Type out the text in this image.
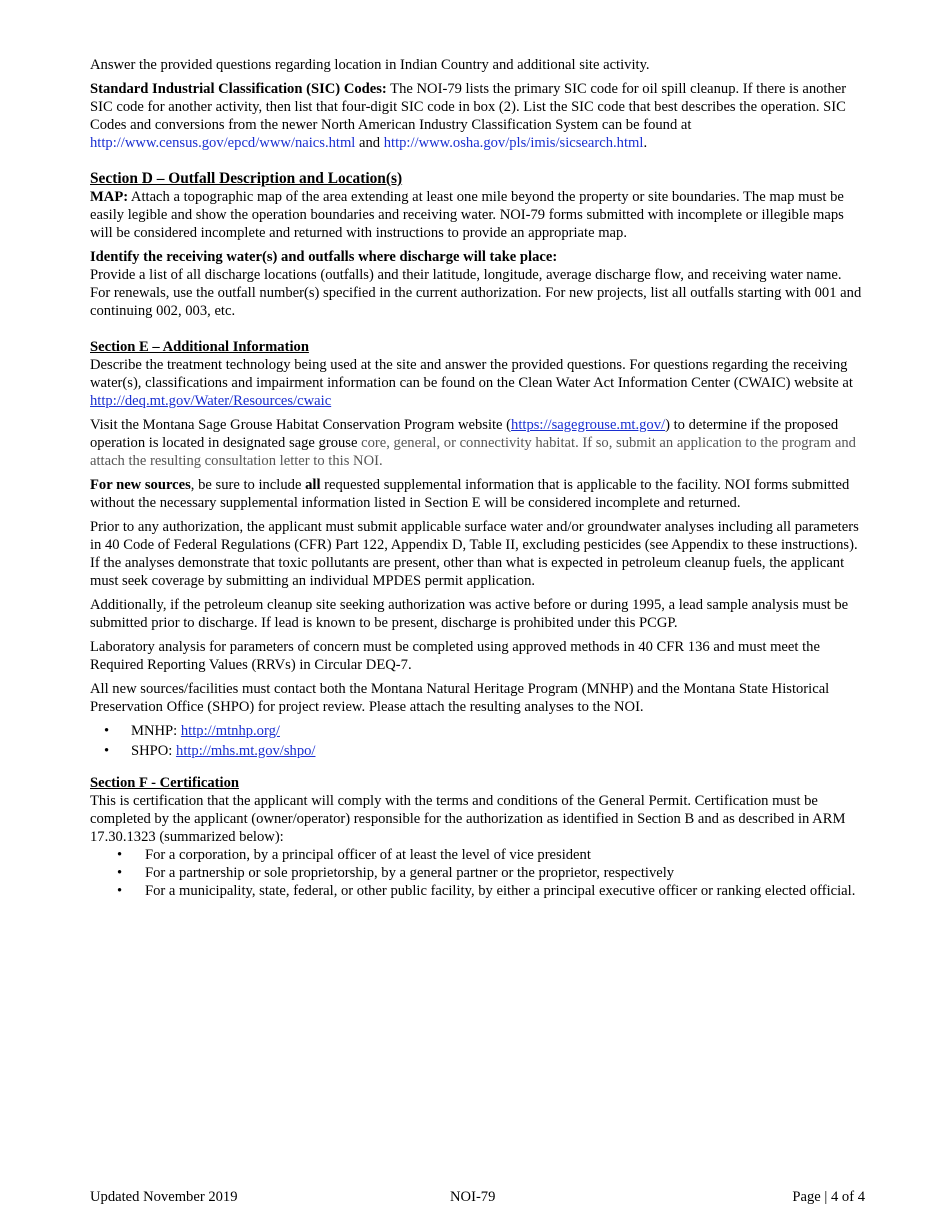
Answer the provided questions regarding location in Indian Country and additional site activity.

Standard Industrial Classification (SIC) Codes: The NOI-79 lists the primary SIC code for oil spill cleanup. If there is another SIC code for another activity, then list that four-digit SIC code in box (2). List the SIC code that best describes the operation. SIC Codes and conversions from the newer North American Industry Classification System can be found at http://www.census.gov/epcd/www/naics.html and http://www.osha.gov/pls/imis/sicsearch.html.

Section D – Outfall Description and Location(s)

MAP: Attach a topographic map of the area extending at least one mile beyond the property or site boundaries. The map must be easily legible and show the operation boundaries and receiving water. NOI-79 forms submitted with incomplete or illegible maps will be considered incomplete and returned with instructions to provide an appropriate map.

Identify the receiving water(s) and outfalls where discharge will take place:

Provide a list of all discharge locations (outfalls) and their latitude, longitude, average discharge flow, and receiving water name. For renewals, use the outfall number(s) specified in the current authorization. For new projects, list all outfalls starting with 001 and continuing 002, 003, etc.

Section E – Additional Information

Describe the treatment technology being used at the site and answer the provided questions. For questions regarding the receiving water(s), classifications and impairment information can be found on the Clean Water Act Information Center (CWAIC) website at http://deq.mt.gov/Water/Resources/cwaic

Visit the Montana Sage Grouse Habitat Conservation Program website (https://sagegrouse.mt.gov/) to determine if the proposed operation is located in designated sage grouse core, general, or connectivity habitat. If so, submit an application to the program and attach the resulting consultation letter to this NOI.

For new sources, be sure to include all requested supplemental information that is applicable to the facility. NOI forms submitted without the necessary supplemental information listed in Section E will be considered incomplete and returned.

Prior to any authorization, the applicant must submit applicable surface water and/or groundwater analyses including all parameters in 40 Code of Federal Regulations (CFR) Part 122, Appendix D, Table II, excluding pesticides (see Appendix to these instructions). If the analyses demonstrate that toxic pollutants are present, other than what is expected in petroleum cleanup fuels, the applicant must seek coverage by submitting an individual MPDES permit application.

Additionally, if the petroleum cleanup site seeking authorization was active before or during 1995, a lead sample analysis must be submitted prior to discharge. If lead is known to be present, discharge is prohibited under this PCGP.

Laboratory analysis for parameters of concern must be completed using approved methods in 40 CFR 136 and must meet the Required Reporting Values (RRVs) in Circular DEQ-7.

All new sources/facilities must contact both the Montana Natural Heritage Program (MNHP) and the Montana State Historical Preservation Office (SHPO) for project review. Please attach the resulting analyses to the NOI.

• MNHP: http://mtnhp.org/
• SHPO: http://mhs.mt.gov/shpo/

Section F - Certification

This is certification that the applicant will comply with the terms and conditions of the General Permit. Certification must be completed by the applicant (owner/operator) responsible for the authorization as identified in Section B and as described in ARM 17.30.1323 (summarized below):

• For a corporation, by a principal officer of at least the level of vice president
• For a partnership or sole proprietorship, by a general partner or the proprietor, respectively
• For a municipality, state, federal, or other public facility, by either a principal executive officer or ranking elected official.
Updated November 2019	NOI-79	Page | 4 of 4
